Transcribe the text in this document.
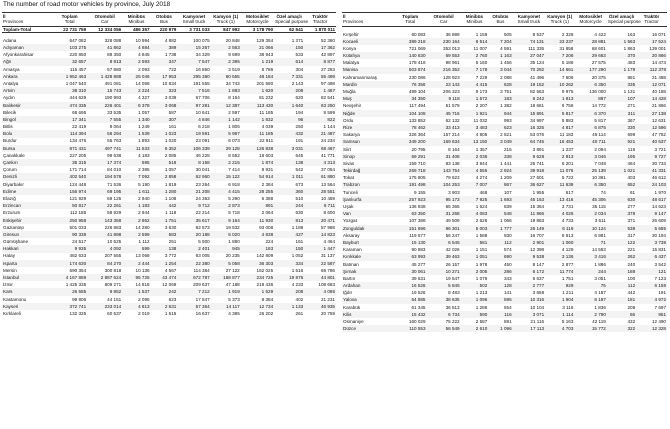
The number of road motor vehicles by province, July 2018
İl	Toplam	Otomobil	Minibüs	Otobüs	Kamyonet	Kamyon (1)	Motosiklet	Özel amaçlı	Traktör
Provinces	Total	Car	Minibus	Bus	Small truck	Truck (1)	Motorcycle	Special purpose	Tractor
Toplam-Total	22 731 759	12 334 056	486 357	220 979	3 731 033	847 992	3 178 790	62 541	1 870 011

Adana	647 082	328 088	10 994	4 882	100 075	20 848	129 354	1 371	52 360
Adıyaman	103 275	41 862	4 684	389	15 267	2 563	21 066	150	17 362
Afyonkarahisar	220 850	88 350	4 845	1 738	34 329	9 699	38 943	533	42 897
Ağrı	32 657	8 913	2 593	347	7 547	2 395	1 219	614	8 877
Amasya	115 457	57 880	2 093	722	16 850	3 519	6 786	304	27 283
Ankara	1 952 463	1 428 888	25 046	17 953	295 380	60 555	48 184	7 331	55 499
Antalya	1 047 540	491 081	14 058	10 834	191 555	34 743	201 580	2 143	97 498
Artvin	38 310	15 743	2 224	323	7 516	1 883	1 620	208	1 467
Aydın	444 629	190 993	4 327	3 039	67 706	8 164	81 232	620	82 541
Balıkesir	474 335	226 401	6 378	3 068	97 281	12 387	113 430	1 640	63 250
Bilecik	68 695	33 535	1 057	587	10 641	2 597	11 185	194	8 599
Bingöl	17 341	7 555	1 340	307	4 846	1 142	1 832	96	822
Bitlis	22 419	8 064	1 249	161	6 218	1 805	4 039	250	1 144
Bolu	114 394	56 294	1 539	1 023	19 591	5 987	11 185	432	21 487
Burdur	134 476	55 763	1 893	1 020	23 091	6 073	22 911	191	24 234
Bursa	871 431	497 741	11 533	6 352	106 339	29 128	126 838	3 031	68 467
Çanakkale	227 205	99 638	4 183	2 085	46 228	8 552	18 603	645	41 771
Çankırı	35 315	17 374	595	518	8 158	2 215	1 874	138	4 313
Çorum	171 714	84 010	2 385	1 057	30 041	7 414	8 931	542	37 054
Denizli	402 540	194 578	7 092	2 858	62 960	15 122	54 914	1 011	61 880
Diyarbakır	124 448	71 536	5 190	1 819	23 264	6 918	2 384	673	13 564
Edirne	156 974	69 195	1 611	1 280	21 208	4 415	28 255	360	28 551
Elazığ	121 929	69 125	2 940	1 108	24 353	5 290	6 388	510	10 459
Erzincan	50 817	22 261	1 183	442	9 712	2 873	891	244	6 711
Erzurum	112 185	58 929	2 944	1 118	22 214	5 718	2 064	630	8 600
Eskişehir	250 958	143 358	2 862	1 751	35 617	9 164	11 930	813	20 471
Gaziantep	501 033	226 883	14 280	3 630	82 573	19 532	93 008	1 189	57 988
Giresun	90 338	41 898	2 599	583	20 188	5 020	4 838	427	14 823
Gümüşhane	24 517	10 525	1 112	251	5 900	1 880	224	161	4 464
Hakkari	9 935	4 092	599	138	2 401	945	163	150	1 447
Hatay	482 633	207 555	13 068	3 772	63 005	20 235	142 809	1 052	31 137
Isparta	174 630	84 270	2 444	1 254	22 380	5 058	36 303	334	22 587
Mersin	690 354	300 818	10 136	4 567	114 384	27 122	162 025	1 516	69 786
İstanbul	4 167 889	2 887 624	95 725	43 474	672 787	168 877	234 725	19 876	44 801
İzmir	1 425 335	809 271	14 818	12 069	209 637	47 188	219 436	4 233	108 683
Kars	26 585	9 852	1 537	242	7 212	1 919	1 529	208	4 086
Kastamonu	99 806	44 151	2 095	623	17 547	5 373	8 384	402	21 231
Kayseri	372 741	233 014	4 813	2 631	57 364	14 117	12 734	1 133	46 935
Kırklareli	132 325	60 537	2 019	1 515	16 637	4 395	26 202	261	20 759
İl	Toplam	Otomobil	Minibüs	Otobüs	Kamyonet	Kamyon (1)	Motosiklet	Özel amaçlı	Traktör
Provinces	Total	Car	Minibus	Bus	Small truck	Truck (1)	Motorcycle	Special purpose	Tractor

Kırşehir	60 083	36 889	1 159	505	8 537	2 328	4 422	163	16 071
Kocaeli	389 218	230 164	6 514	7 204	74 131	23 237	28 881	1 563	17 524
Konya	721 069	353 013	11 007	4 591	111 335	31 658	68 601	1 863	139 001
Kütahya	140 630	69 553	2 760	1 163	27 047	7 206	29 663	370	20 866
Malatya	178 418	98 961	5 160	1 456	35 124	5 186	27 575	483	14 473
Manisa	503 874	216 352	7 178	3 044	70 292	14 661	177 290	1 179	112 378
Kahramanmaraş	230 086	128 923	7 229	2 088	41 496	7 606	20 375	881	21 488
Mardin	76 356	23 143	4 415	628	19 152	10 262	6 350	335	12 071
Muğla	489 104	206 323	9 173	3 751	82 563	9 975	136 000	1 131	40 188
Muş	34 350	9 118	1 572	183	6 242	1 813	887	107	14 428
Nevşehir	117 494	51 579	2 207	1 382	18 661	6 756	14 772	271	21 866
Niğde	104 108	45 716	1 921	944	15 891	5 817	6 370	311	27 138
Ordu	133 852	62 132	11 032	993	34 997	5 883	5 817	367	12 631
Rize	78 462	33 413	3 483	623	16 325	4 817	6 875	330	12 596
Sakarya	326 364	157 214	4 805	2 521	53 076	11 183	45 114	699	47 752
Samsun	349 200	169 634	13 150	3 049	64 745	16 453	40 711	921	40 537
Siirt	20 795	8 164	1 357	215	3 891	1 237	2 094	116	3 721
Sinop	59 291	31 408	2 036	338	9 628	2 913	3 046	195	9 727
Sivas	159 710	83 138	3 944	1 441	26 741	6 201	7 048	464	30 733
Tekirdağ	269 718	143 754	4 555	2 924	39 918	11 076	25 139	1 021	41 331
Tokat	175 805	79 623	4 274	1 209	27 601	5 722	10 361	403	46 612
Trabzon	191 498	104 253	7 007	867	36 627	11 639	6 350	652	24 103
Tunceli	9 155	3 903	468	107	1 955	617	74	61	1 970
Şanlıurfa	257 923	95 173	7 925	1 693	45 163	13 416	45 306	630	48 617
Uşak	136 938	65 365	1 624	839	15 364	3 731	35 115	277	14 623
Van	63 350	31 268	4 083	548	11 866	4 026	2 034	378	9 147
Yozgat	107 388	49 509	2 626	1 066	19 863	4 733	3 611	371	26 609
Zonguldak	151 696	96 301	5 003	1 777	26 149	6 119	10 124	538	5 685
Aksaray	119 577	56 247	1 588	930	16 707	6 613	6 981	317	30 194
Bayburt	15 130	6 545	581	112	2 901	1 060	71	122	3 738
Karaman	90 883	42 026	1 151	574	12 398	4 129	14 553	221	15 831
Kırıkkale	63 993	39 463	1 051	690	9 538	3 136	3 416	262	6 437
Batman	45 277	26 157	1 978	450	8 147	2 877	1 886	240	3 542
Şırnak	30 061	10 271	2 005	286	6 172	11 774	244	188	121
Bartın	39 631	19 547	1 079	343	6 637	1 751	3 051	100	7 123
Ardahan	16 526	5 845	502	128	2 777	929	75	112	6 158
Iğdır	19 526	8 483	1 213	141	3 658	1 211	4 187	442	191
Yalova	64 885	38 635	1 096	595	10 316	1 904	8 187	181	4 972
Karabük	61 345	36 513	1 286	554	10 104	3 116	1 836	209	7 697
Kilis	15 432	6 734	590	116	3 071	1 114	2 790	66	951
Osmaniye	160 029	75 222	2 587	891	21 116	5 163	42 119	432	12 490
Düzce	110 553	56 549	2 610	1 096	17 113	4 703	15 772	322	12 328
